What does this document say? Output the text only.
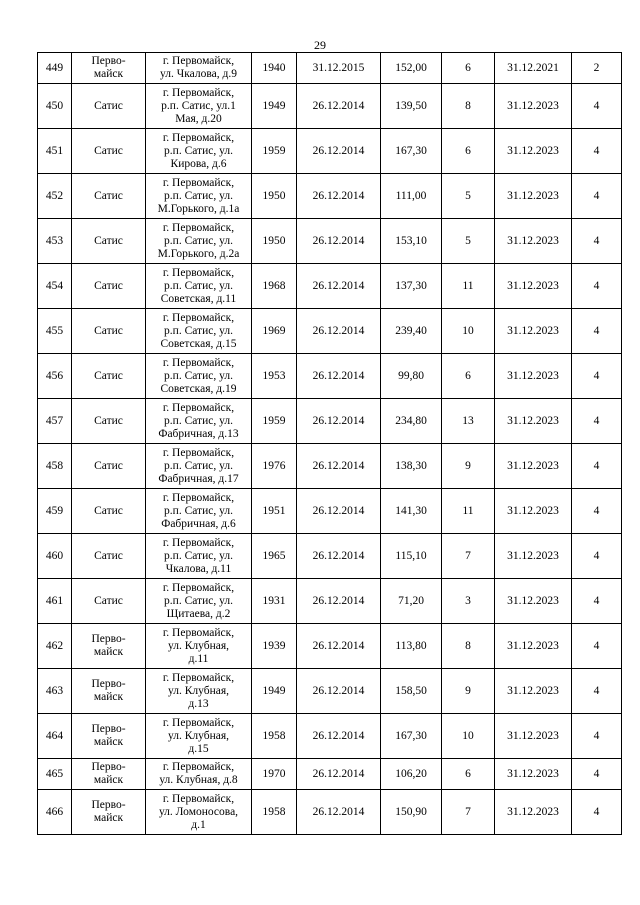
29
449	Перво-
майск	г. Первомайск,
ул. Чкалова, д.9	1940	31.12.2015	152,00	6	31.12.2021	2
450	Сатис	г. Первомайск,
р.п. Сатис, ул.1
Мая, д.20	1949	26.12.2014	139,50	8	31.12.2023	4
451	Сатис	г. Первомайск,
р.п. Сатис, ул.
Кирова, д.6	1959	26.12.2014	167,30	6	31.12.2023	4
452	Сатис	г. Первомайск,
р.п. Сатис, ул.
М.Горького, д.1а	1950	26.12.2014	111,00	5	31.12.2023	4
453	Сатис	г. Первомайск,
р.п. Сатис, ул.
М.Горького, д.2а	1950	26.12.2014	153,10	5	31.12.2023	4
454	Сатис	г. Первомайск,
р.п. Сатис, ул.
Советская, д.11	1968	26.12.2014	137,30	11	31.12.2023	4
455	Сатис	г. Первомайск,
р.п. Сатис, ул.
Советская, д.15	1969	26.12.2014	239,40	10	31.12.2023	4
456	Сатис	г. Первомайск,
р.п. Сатис, ул.
Советская, д.19	1953	26.12.2014	99,80	6	31.12.2023	4
457	Сатис	г. Первомайск,
р.п. Сатис, ул.
Фабричная, д.13	1959	26.12.2014	234,80	13	31.12.2023	4
458	Сатис	г. Первомайск,
р.п. Сатис, ул.
Фабричная, д.17	1976	26.12.2014	138,30	9	31.12.2023	4
459	Сатис	г. Первомайск,
р.п. Сатис, ул.
Фабричная, д.6	1951	26.12.2014	141,30	11	31.12.2023	4
460	Сатис	г. Первомайск,
р.п. Сатис, ул.
Чкалова, д.11	1965	26.12.2014	115,10	7	31.12.2023	4
461	Сатис	г. Первомайск,
р.п. Сатис, ул.
Щитаева, д.2	1931	26.12.2014	71,20	3	31.12.2023	4
462	Перво-
майск	г. Первомайск,
ул. Клубная,
д.11	1939	26.12.2014	113,80	8	31.12.2023	4
463	Перво-
майск	г. Первомайск,
ул. Клубная,
д.13	1949	26.12.2014	158,50	9	31.12.2023	4
464	Перво-
майск	г. Первомайск,
ул. Клубная,
д.15	1958	26.12.2014	167,30	10	31.12.2023	4
465	Перво-
майск	г. Первомайск,
ул. Клубная, д.8	1970	26.12.2014	106,20	6	31.12.2023	4
466	Перво-
майск	г. Первомайск,
ул. Ломоносова,
д.1	1958	26.12.2014	150,90	7	31.12.2023	4
